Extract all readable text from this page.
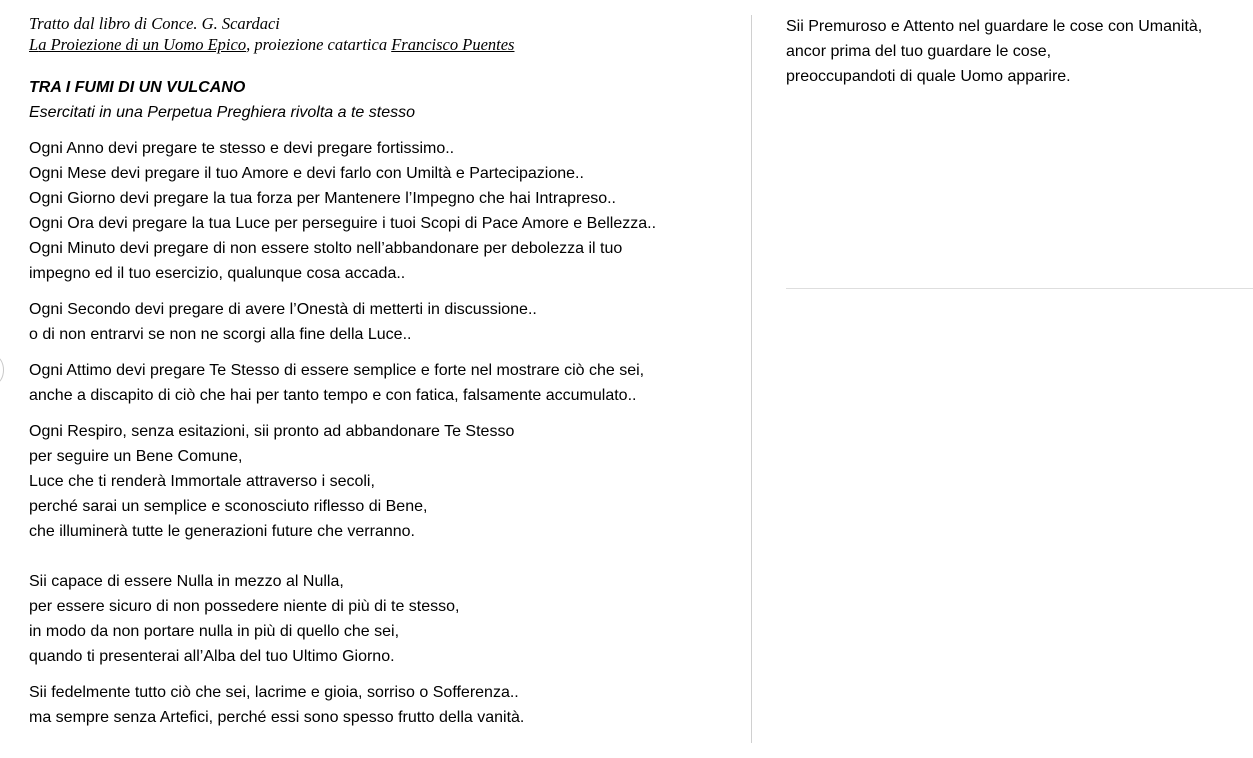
Tratto dal libro di Conce. G. Scardaci
La Proiezione di un Uomo Epico, proiezione catartica Francisco Puentes
TRA I FUMI DI UN VULCANO
Esercitati in una Perpetua Preghiera rivolta a te stesso
Ogni Anno devi pregare te stesso e devi pregare fortissimo..
Ogni Mese devi pregare il tuo Amore e devi farlo con Umiltà e Partecipazione..
Ogni Giorno devi pregare la tua forza per Mantenere l’Impegno che hai Intrapreso..
Ogni Ora devi pregare la tua Luce per perseguire i tuoi Scopi di Pace Amore e Bellezza..
Ogni Minuto devi pregare di non essere stolto nell’abbandonare per debolezza il tuo
impegno ed il tuo esercizio, qualunque cosa accada..
Ogni Secondo devi pregare di avere l’Onestà di metterti in discussione..
o di non entrarvi se non ne scorgi alla fine della Luce..
Ogni Attimo devi pregare Te Stesso di essere semplice e forte nel mostrare ciò che sei,
anche a discapito di ciò che hai per tanto tempo e con fatica, falsamente accumulato..
Ogni Respiro, senza esitazioni, sii pronto ad abbandonare Te Stesso
per seguire un Bene Comune,
Luce che ti renderà Immortale attraverso i secoli,
perché sarai un semplice e sconosciuto riflesso di Bene,
che illuminerà tutte le generazioni future che verranno.
Sii capace di essere Nulla in mezzo al Nulla,
per essere sicuro di non possedere niente di più di te stesso,
in modo da non portare nulla in più di quello che sei,
quando ti presenterai all’Alba del tuo Ultimo Giorno.
Sii fedelmente tutto ciò che sei, lacrime e gioia, sorriso o Sofferenza..
ma sempre senza Artefici, perché essi sono spesso frutto della vanità.
Sii Premuroso e Attento nel guardare le cose con Umanità,
ancor prima del tuo guardare le cose,
preoccupandoti di quale Uomo apparire.
